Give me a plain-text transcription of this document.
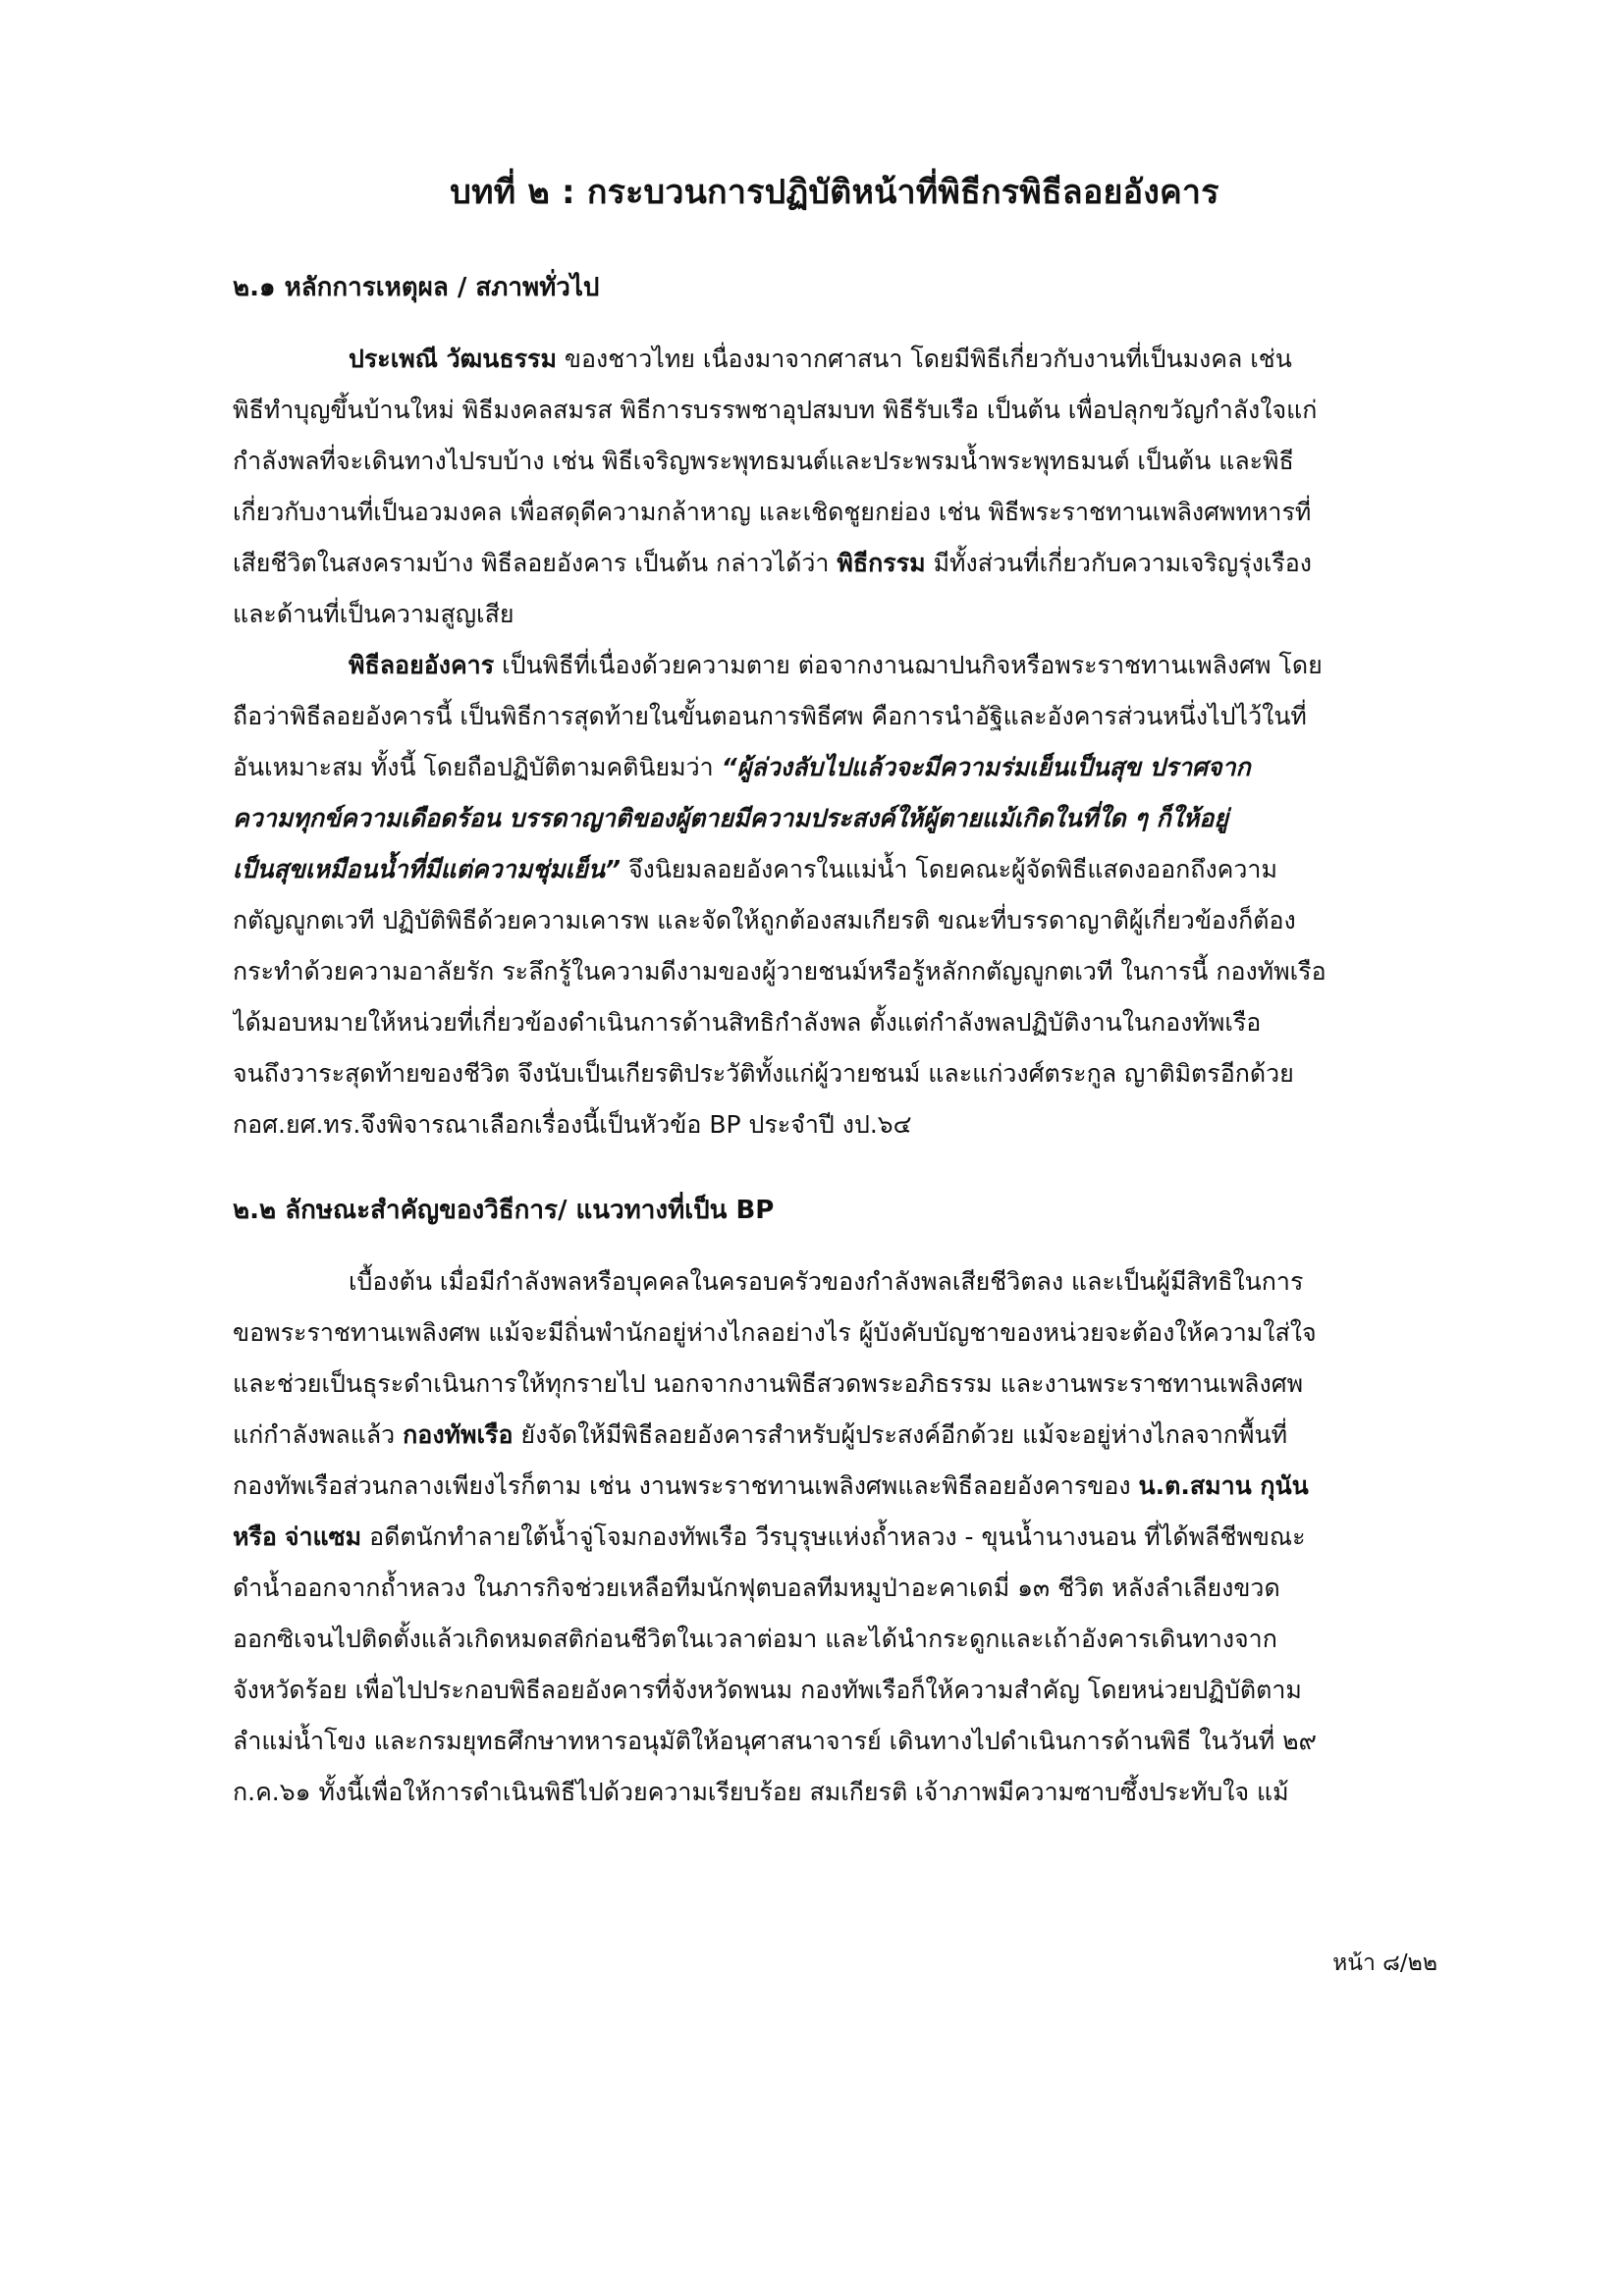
บทที่ ๒ : กระบวนการปฏิบัติหน้าที่พิธีกรพิธีลอยอังคาร
๒.๑ หลักการเหตุผล / สภาพทั่วไป
ประเพณี วัฒนธรรม ของชาวไทย เนื่องมาจากศาสนา โดยมีพิธีเกี่ยวกับงานที่เป็นมงคล เช่น
พิธีทำบุญขึ้นบ้านใหม่ พิธีมงคลสมรส พิธีการบรรพชาอุปสมบท พิธีรับเรือ เป็นต้น เพื่อปลุกขวัญกำลังใจแก่
กำลังพลที่จะเดินทางไปรบบ้าง เช่น พิธีเจริญพระพุทธมนต์และประพรมน้ำพระพุทธมนต์ เป็นต้น และพิธี
เกี่ยวกับงานที่เป็นอวมงคล เพื่อสดุดีความกล้าหาญ และเชิดชูยกย่อง เช่น พิธีพระราชทานเพลิงศพทหารที่
เสียชีวิตในสงครามบ้าง พิธีลอยอังคาร เป็นต้น กล่าวได้ว่า พิธีกรรม มีทั้งส่วนที่เกี่ยวกับความเจริญรุ่งเรือง
และด้านที่เป็นความสูญเสีย
พิธีลอยอังคาร เป็นพิธีที่เนื่องด้วยความตาย ต่อจากงานฌาปนกิจหรือพระราชทานเพลิงศพ โดย
ถือว่าพิธีลอยอังคารนี้ เป็นพิธีการสุดท้ายในขั้นตอนการพิธีศพ คือการนำอัฐิและอังคารส่วนหนึ่งไปไว้ในที่
อันเหมาะสม ทั้งนี้ โดยถือปฏิบัติตามคตินิยมว่า “ผู้ล่วงลับไปแล้วจะมีความร่มเย็นเป็นสุข ปราศจาก
ความทุกข์ความเดือดร้อน บรรดาญาติของผู้ตายมีความประสงค์ให้ผู้ตายแม้เกิดในที่ใด ๆ ก็ให้อยู่
เป็นสุขเหมือนน้ำที่มีแต่ความชุ่มเย็น” จึงนิยมลอยอังคารในแม่น้ำ โดยคณะผู้จัดพิธีแสดงออกถึงความ
กตัญญูกตเวที ปฏิบัติพิธีด้วยความเคารพ และจัดให้ถูกต้องสมเกียรติ ขณะที่บรรดาญาติผู้เกี่ยวข้องก็ต้อง
กระทำด้วยความอาลัยรัก ระลึกรู้ในความดีงามของผู้วายชนม์หรือรู้หลักกตัญญูกตเวที ในการนี้ กองทัพเรือ
ได้มอบหมายให้หน่วยที่เกี่ยวข้องดำเนินการด้านสิทธิกำลังพล ตั้งแต่กำลังพลปฏิบัติงานในกองทัพเรือ
จนถึงวาระสุดท้ายของชีวิต จึงนับเป็นเกียรติประวัติทั้งแก่ผู้วายชนม์ และแก่วงศ์ตระกูล ญาติมิตรอีกด้วย
กอศ.ยศ.ทร.จึงพิจารณาเลือกเรื่องนี้เป็นหัวข้อ BP ประจำปี งป.๖๔
๒.๒ ลักษณะสำคัญของวิธีการ/ แนวทางที่เป็น BP
เบื้องต้น เมื่อมีกำลังพลหรือบุคคลในครอบครัวของกำลังพลเสียชีวิตลง และเป็นผู้มีสิทธิในการ
ขอพระราชทานเพลิงศพ แม้จะมีถิ่นพำนักอยู่ห่างไกลอย่างไร ผู้บังคับบัญชาของหน่วยจะต้องให้ความใส่ใจ
และช่วยเป็นธุระดำเนินการให้ทุกรายไป นอกจากงานพิธีสวดพระอภิธรรม และงานพระราชทานเพลิงศพ
แก่กำลังพลแล้ว กองทัพเรือ ยังจัดให้มีพิธีลอยอังคารสำหรับผู้ประสงค์อีกด้วย แม้จะอยู่ห่างไกลจากพื้นที่
กองทัพเรือส่วนกลางเพียงไรก็ตาม เช่น งานพระราชทานเพลิงศพและพิธีลอยอังคารของ น.ต.สมาน กุนัน
หรือ จ่าแซม อดีตนักทำลายใต้น้ำจู่โจมกองทัพเรือ วีรบุรุษแห่งถ้ำหลวง - ขุนน้ำนางนอน ที่ได้พลีชีพขณะ
ดำน้ำออกจากถ้ำหลวง ในภารกิจช่วยเหลือทีมนักฟุตบอลทีมหมูป่าอะคาเดมี่ ๑๓ ชีวิต หลังลำเลียงขวด
ออกซิเจนไปติดตั้งแล้วเกิดหมดสติก่อนชีวิตในเวลาต่อมา และได้นำกระดูกและเถ้าอังคารเดินทางจาก
จังหวัดร้อย เพื่อไปประกอบพิธีลอยอังคารที่จังหวัดพนม กองทัพเรือก็ให้ความสำคัญ โดยหน่วยปฏิบัติตาม
ลำแม่น้ำโขง และกรมยุทธศึกษาทหารอนุมัติให้อนุศาสนาจารย์ เดินทางไปดำเนินการด้านพิธี ในวันที่ ๒๙
ก.ค.๖๑ ทั้งนี้เพื่อให้การดำเนินพิธีไปด้วยความเรียบร้อย สมเกียรติ เจ้าภาพมีความซาบซึ้งประทับใจ แม้
หน้า ๘/๒๒
